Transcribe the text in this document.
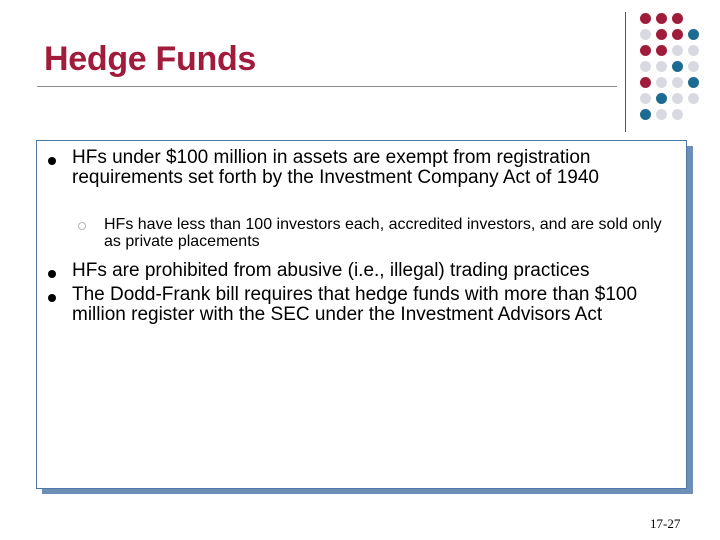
Hedge Funds
HFs under $100 million in assets are exempt from registration requirements set forth by the Investment Company Act of 1940
HFs have less than 100 investors each, accredited investors, and are sold only as private placements
HFs are prohibited from abusive (i.e., illegal) trading practices
The Dodd-Frank bill requires that hedge funds with more than $100 million register with the SEC under the Investment Advisors Act
17-27
